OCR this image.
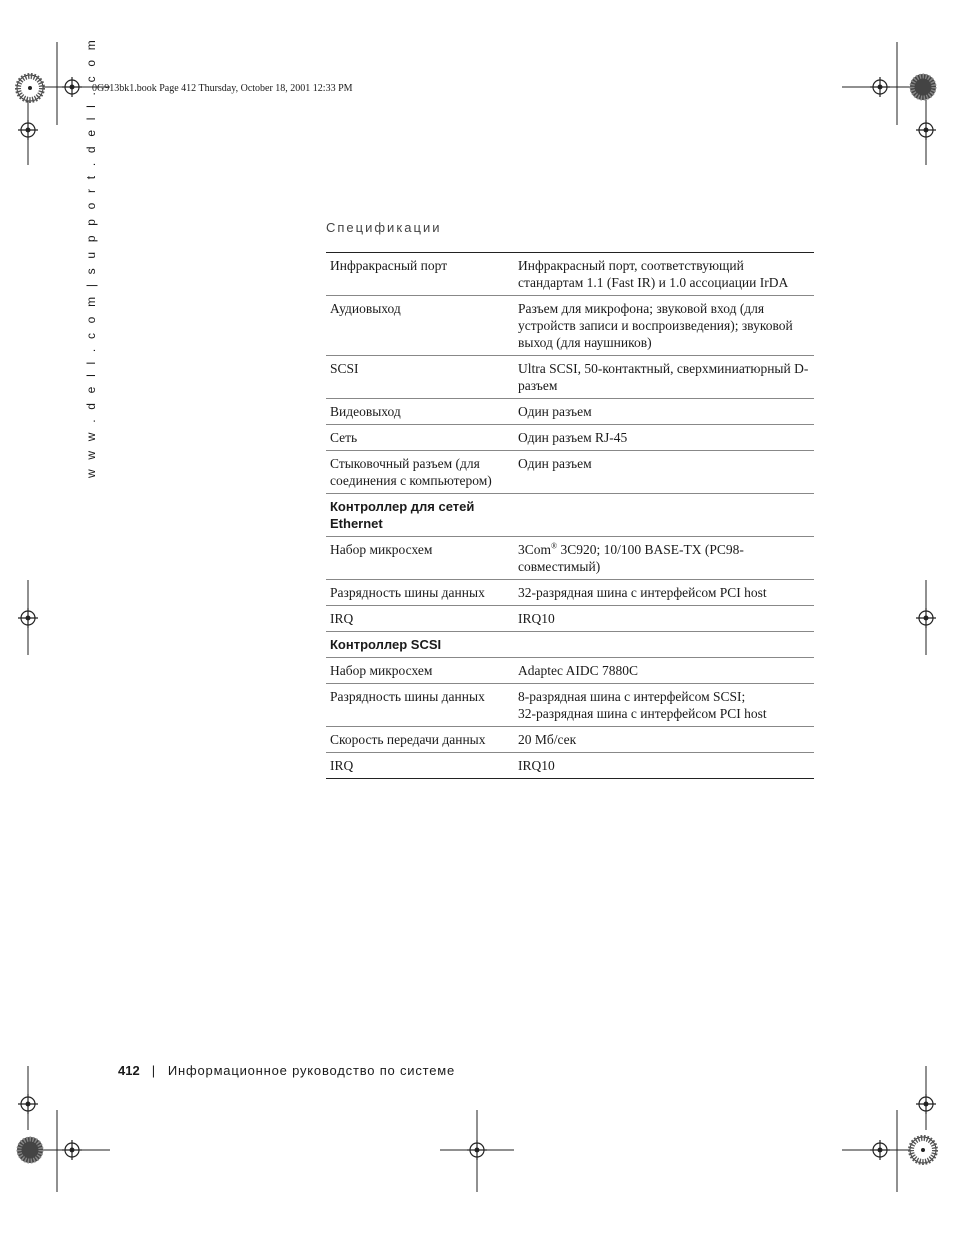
0G913bk1.book Page 412 Thursday, October 18, 2001 12:33 PM
w w w . d e l l . c o m | s u p p o r t . d e l l . c o m	Спецификации
Инфракрасный порт	Инфракрасный порт, соответствующий стандартам 1.1 (Fast IR) и 1.0 ассоциации IrDA
Аудиовыход	Разъем для микрофона; звуковой вход (для устройств записи и воспроизведения); звуковой выход (для наушников)
SCSI	Ultra SCSI, 50-контактный, сверхминиатюрный D-разъем
Видеовыход	Один разъем
Сеть	Один разъем RJ-45
Стыковочный разъем (для соединения с компьютером)	Один разъем
Контроллер для сетей Ethernet	
Набор микросхем	3Com® 3C920; 10/100 BASE-TX (PC98-совместимый)
Разрядность шины данных	32-разрядная шина с интерфейсом PCI host
IRQ	IRQ10
Контроллер SCSI	
Набор микросхем	Adaptec AIDC 7880C
Разрядность шины данных	8-разрядная шина с интерфейсом SCSI;
32-разрядная шина с интерфейсом PCI host

Скорость передачи данных	20 Мб/сек
IRQ	IRQ10
412 | Информационное руководство по системе
